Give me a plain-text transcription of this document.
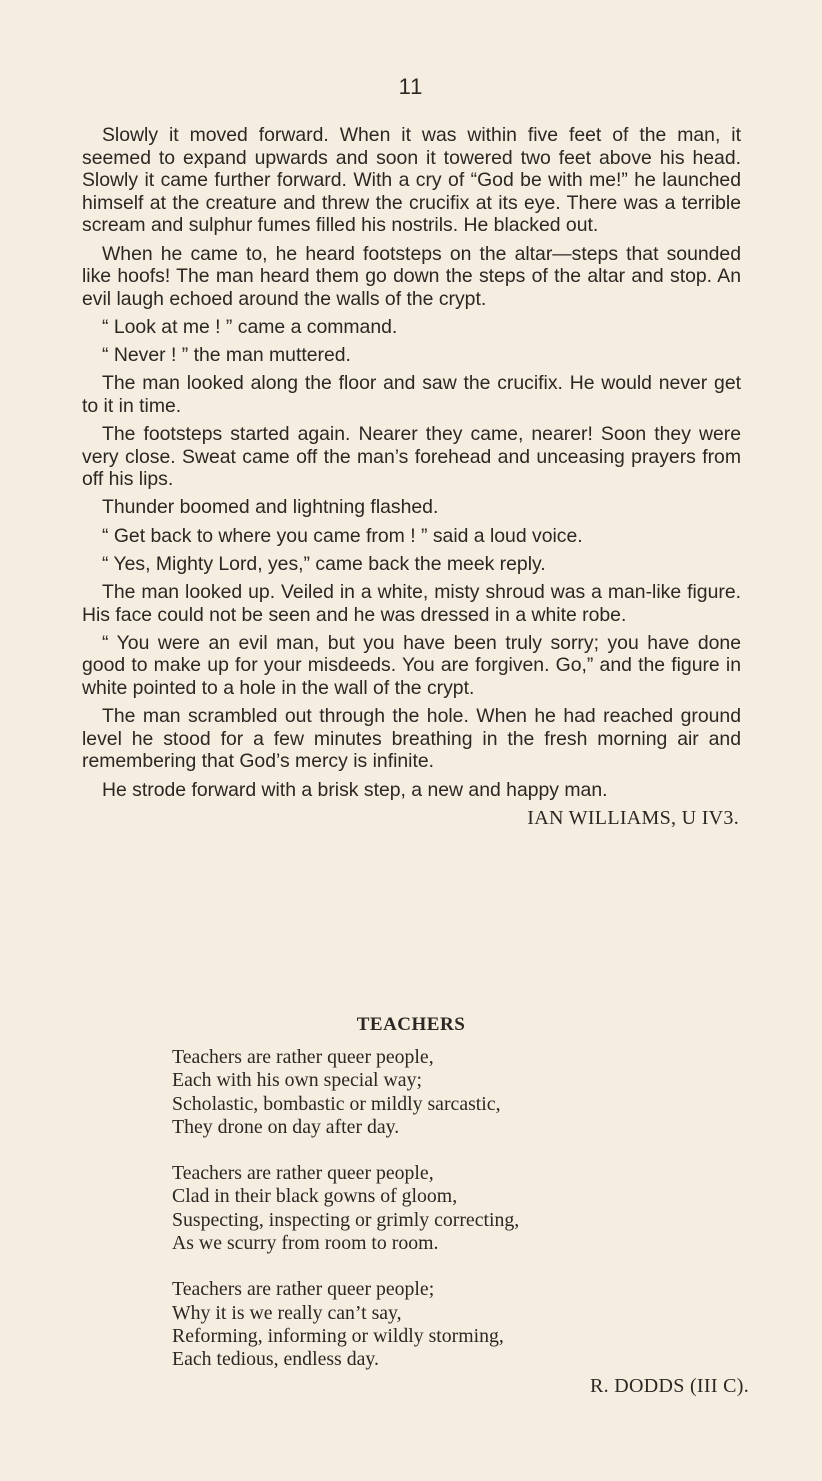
11

Slowly it moved forward. When it was within five feet of the man, it seemed to expand upwards and soon it towered two feet above his head. Slowly it came further forward. With a cry of “God be with me!” he launched himself at the creature and threw the crucifix at its eye. There was a terrible scream and sulphur fumes filled his nostrils. He blacked out.

When he came to, he heard footsteps on the altar—steps that sounded like hoofs! The man heard them go down the steps of the altar and stop. An evil laugh echoed around the walls of the crypt.

“ Look at me ! ” came a command.

“ Never ! ” the man muttered.

The man looked along the floor and saw the crucifix. He would never get to it in time.

The footsteps started again. Nearer they came, nearer! Soon they were very close. Sweat came off the man’s forehead and unceasing prayers from off his lips.

Thunder boomed and lightning flashed.

“ Get back to where you came from ! ” said a loud voice.

“ Yes, Mighty Lord, yes,” came back the meek reply.

The man looked up. Veiled in a white, misty shroud was a man-like figure. His face could not be seen and he was dressed in a white robe.

“ You were an evil man, but you have been truly sorry; you have done good to make up for your misdeeds. You are forgiven. Go,” and the figure in white pointed to a hole in the wall of the crypt.

The man scrambled out through the hole. When he had reached ground level he stood for a few minutes breathing in the fresh morning air and remembering that God’s mercy is infinite.

He strode forward with a brisk step, a new and happy man.

IAN WILLIAMS, U IV3.
TEACHERS
Teachers are rather queer people,
Each with his own special way;
Scholastic, bombastic or mildly sarcastic,
They drone on day after day.
Teachers are rather queer people,
Clad in their black gowns of gloom,
Suspecting, inspecting or grimly correcting,
As we scurry from room to room.
Teachers are rather queer people;
Why it is we really can’t say,
Reforming, informing or wildly storming,
Each tedious, endless day.
R. DODDS (III C).
